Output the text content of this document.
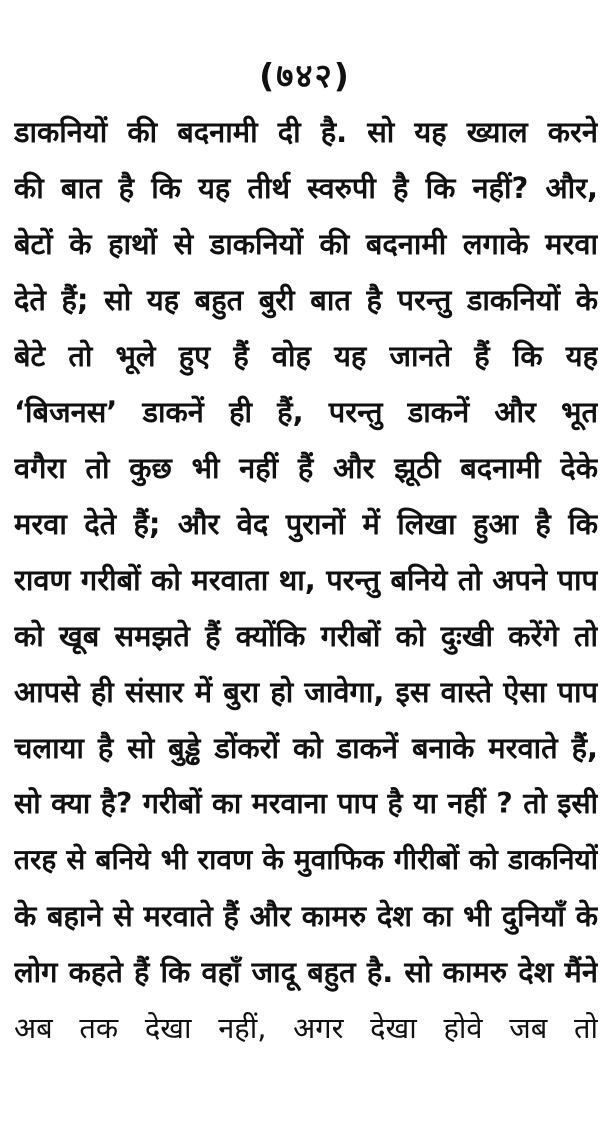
(७४२)
डाकनियों की बदनामी दी है. सो यह ख्याल करने
की बात है कि यह तीर्थ स्वरुपी है कि नहीं? और,
बेटों के हाथों से डाकनियों की बदनामी लगाके मरवा
देते हैं; सो यह बहुत बुरी बात है परन्तु डाकनियों के
बेटे तो भूले हुए हैं वोह यह जानते हैं कि यह
‘बिजनस’ डाकनें ही हैं, परन्तु डाकनें और भूत
वगैरा तो कुछ भी नहीं हैं और झूठी बदनामी देके
मरवा देते हैं; और वेद पुरानों में लिखा हुआ है कि
रावण गरीबों को मरवाता था, परन्तु बनिये तो अपने पाप
को खूब समझते हैं क्योंकि गरीबों को दुःखी करेंगे तो
आपसे ही संसार में बुरा हो जावेगा, इस वास्ते ऐसा पाप
चलाया है सो बुड्ढे डोंकरों को डाकनें बनाके मरवाते हैं,
सो क्या है? गरीबों का मरवाना पाप है या नहीं ? तो इसी
तरह से बनिये भी रावण के मुवाफिक गीरीबों को डाकनियों
के बहाने से मरवाते हैं और कामरु देश का भी दुनियाँ के
लोग कहते हैं कि वहाँ जादू बहुत है. सो कामरु देश मैंने
अब तक देखा नहीं, अगर देखा होवे जब तो
